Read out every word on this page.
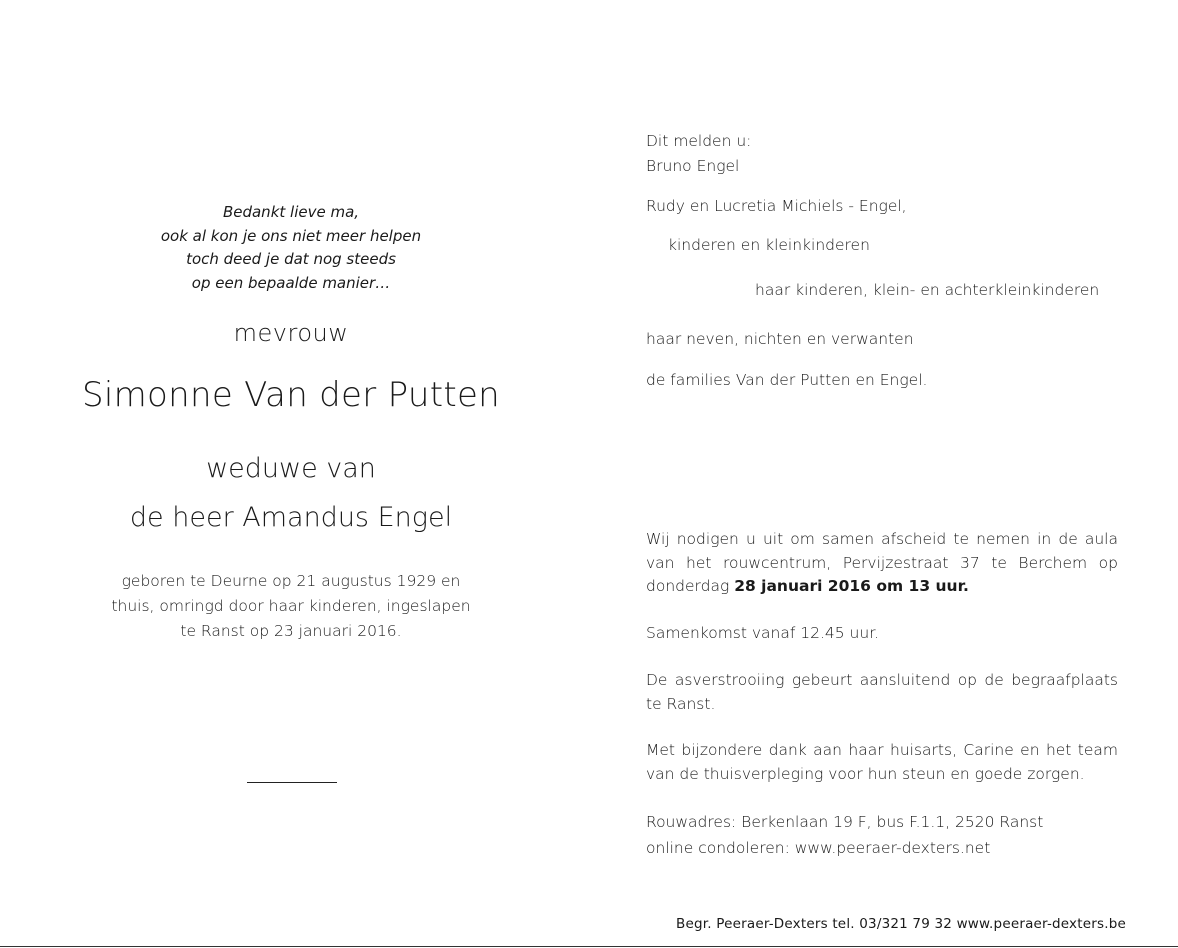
Bedankt lieve ma,
ook al kon je ons niet meer helpen
toch deed je dat nog steeds
op een bepaalde manier…
mevrouw
Simonne Van der Putten
weduwe van
de heer Amandus Engel
geboren te Deurne op 21 augustus 1929 en
thuis, omringd door haar kinderen, ingeslapen
te Ranst op 23 januari 2016.
Dit melden u:
Bruno Engel
Rudy en Lucretia Michiels - Engel,
kinderen en kleinkinderen
haar kinderen, klein- en achterkleinkinderen
haar neven, nichten en verwanten
de families Van der Putten en Engel.
Wij nodigen u uit om samen afscheid te nemen in de aula van het rouwcentrum, Pervijzestraat 37 te Berchem op donderdag 28 januari 2016 om 13 uur.
Samenkomst vanaf 12.45 uur.
De asverstrooiing gebeurt aansluitend op de begraafplaats te Ranst.
Met bijzondere dank aan haar huisarts, Carine en het team van de thuisverpleging voor hun steun en goede zorgen.
Rouwadres: Berkenlaan 19 F, bus F.1.1, 2520 Ranst
online condoleren: www.peeraer-dexters.net
Begr. Peeraer-Dexters tel. 03/321 79 32 www.peeraer-dexters.be
